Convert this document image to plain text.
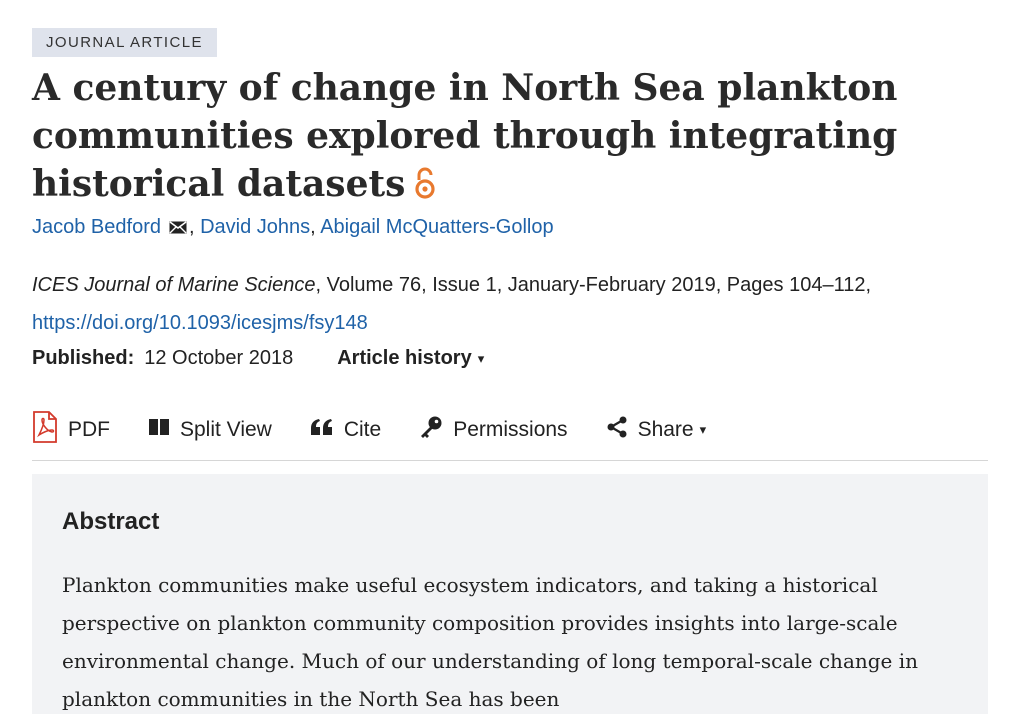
JOURNAL ARTICLE
A century of change in North Sea plankton communities explored through integrating historical datasets
Jacob Bedford , David Johns, Abigail McQuatters-Gollop
ICES Journal of Marine Science, Volume 76, Issue 1, January-February 2019, Pages 104–112, https://doi.org/10.1093/icesjms/fsy148
Published: 12 October 2018 Article history ▾
PDF	Split View	Cite	Permissions	Share ▾
Abstract

Plankton communities make useful ecosystem indicators, and taking a historical perspective on plankton community composition provides insights into large-scale environmental change. Much of our understanding of long temporal-scale change in plankton communities in the North Sea has been
